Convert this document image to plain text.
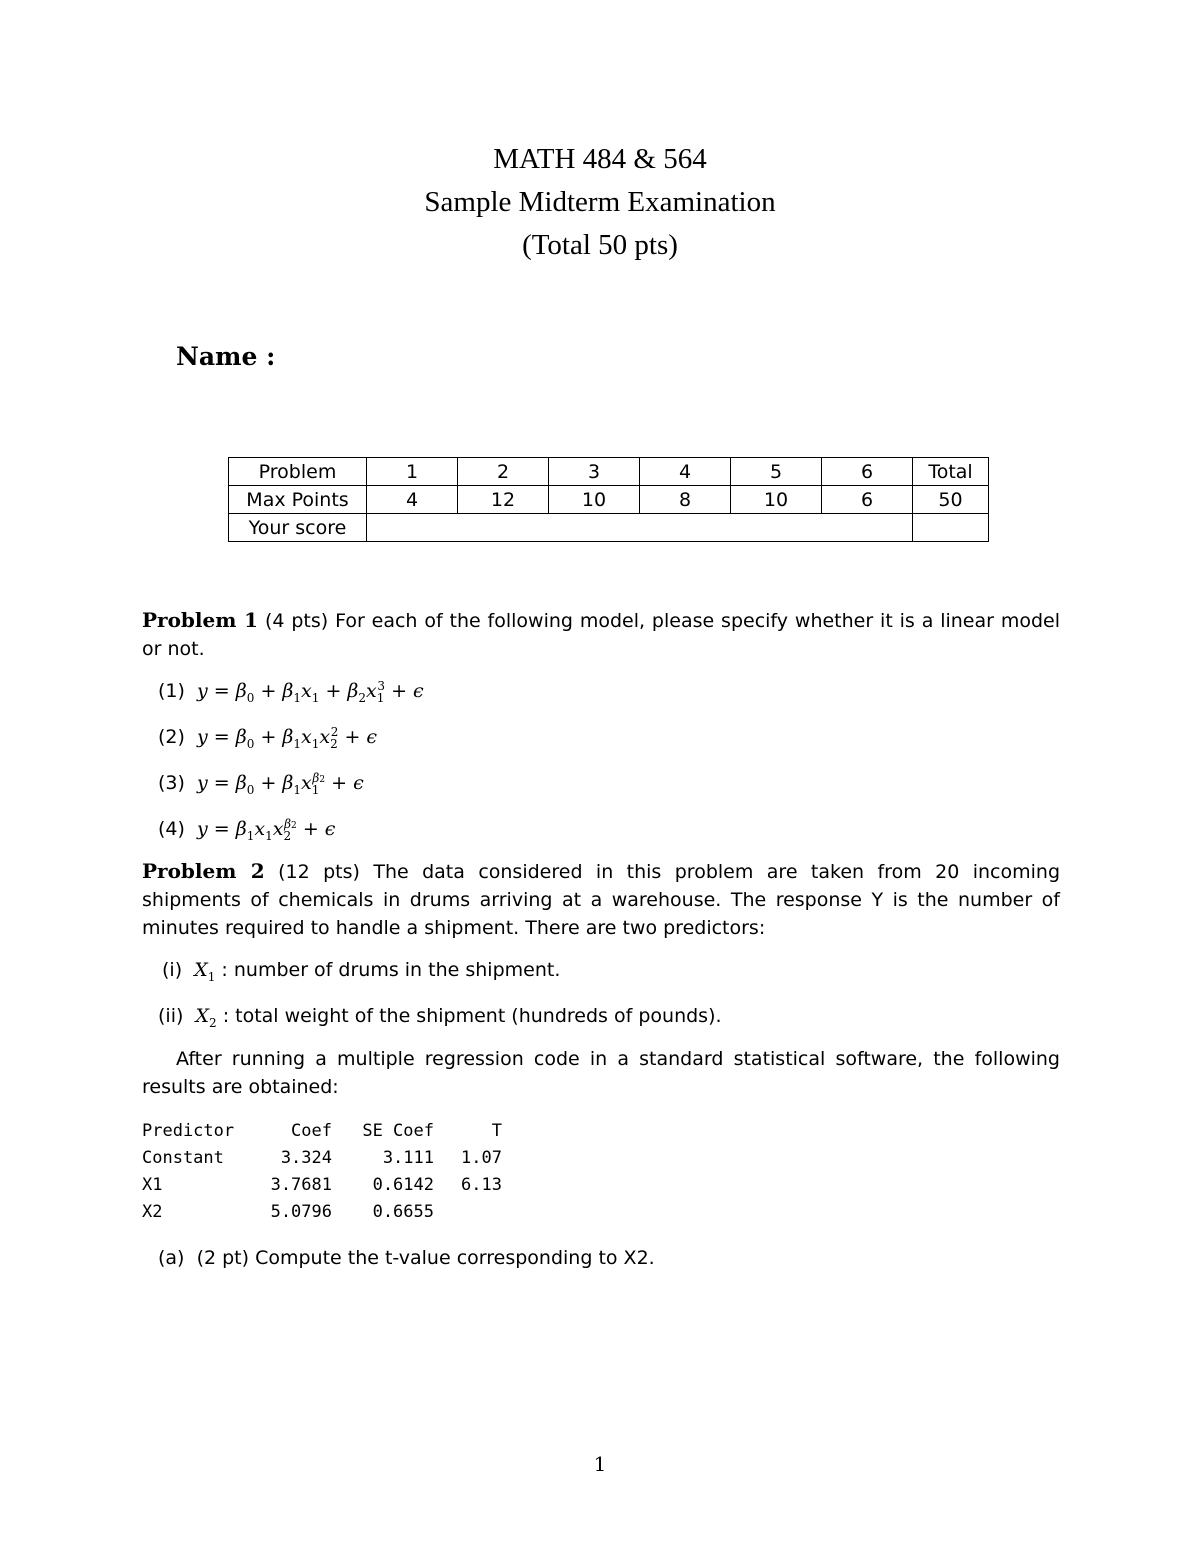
MATH 484 & 564
Sample Midterm Examination
(Total 50 pts)
Name :
Problem	1	2	3	4	5	6	Total
Max Points	4	12	10	8	10	6	50
Your score							
Problem 1 (4 pts) For each of the following model, please specify whether it is a linear model or not.
(1) $y = \beta_0 + \beta_1x_1 + \beta_2x_1^3 + \epsilon$
(2) $y = \beta_0 + \beta_1x_1x_2^2 + \epsilon$
(3) $y = \beta_0 + \beta_1x_1^{\beta 2} + \epsilon$
(4) $y = \beta_1x_1x_2^{\beta 2} + \epsilon$
Problem 2 (12 pts) The data considered in this problem are taken from 20 incoming shipments of chemicals in drums arriving at a warehouse. The response Y is the number of minutes required to handle a shipment. There are two predictors:
(i) $X_1$ : number of drums in the shipment.
(ii) $X_2$ : total weight of the shipment (hundreds of pounds).
After running a multiple regression code in a standard statistical software, the following results are obtained:
Predictor	Coef	SE Coef	T
Constant	3.324	3.111	1.07
X1	3.7681	0.6142	6.13
X2	5.0796	0.6655
(a) (2 pt) Compute the t-value corresponding to X2.
1
